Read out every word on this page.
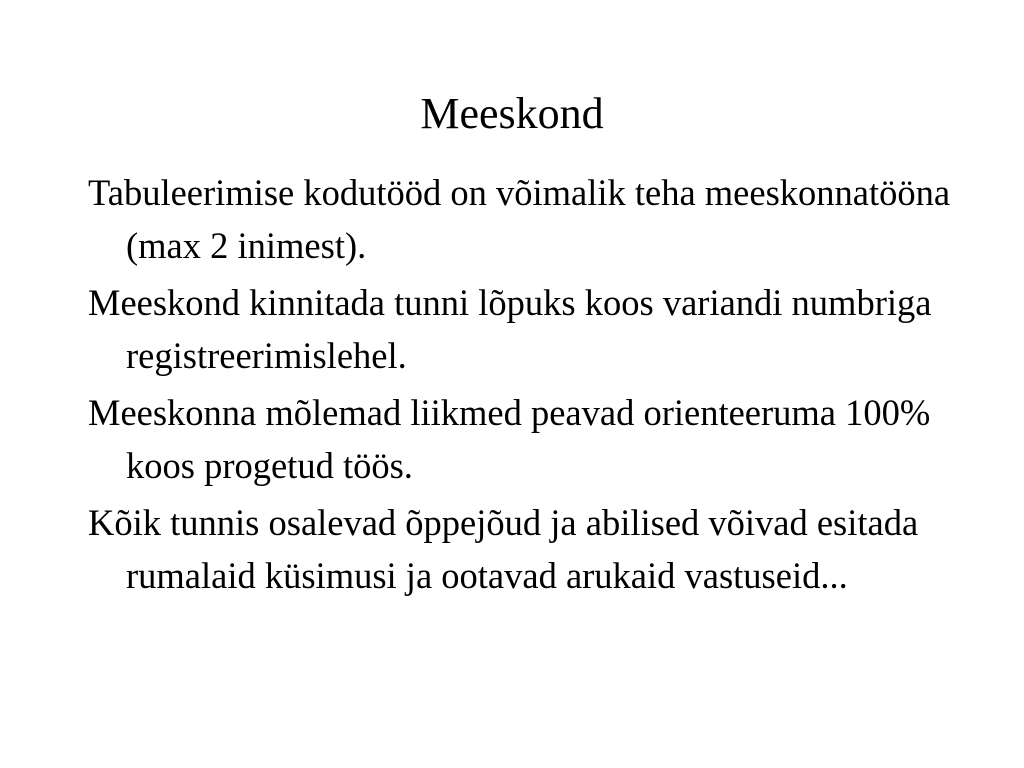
Meeskond
Tabuleerimise kodutööd on võimalik teha meeskonnatööna (max 2 inimest).
Meeskond kinnitada tunni lõpuks koos variandi numbriga registreerimislehel.
Meeskonna mõlemad liikmed peavad orienteeruma 100% koos progetud töös.
Kõik tunnis osalevad õppejõud ja abilised võivad esitada rumalaid küsimusi ja ootavad arukaid vastuseid...
